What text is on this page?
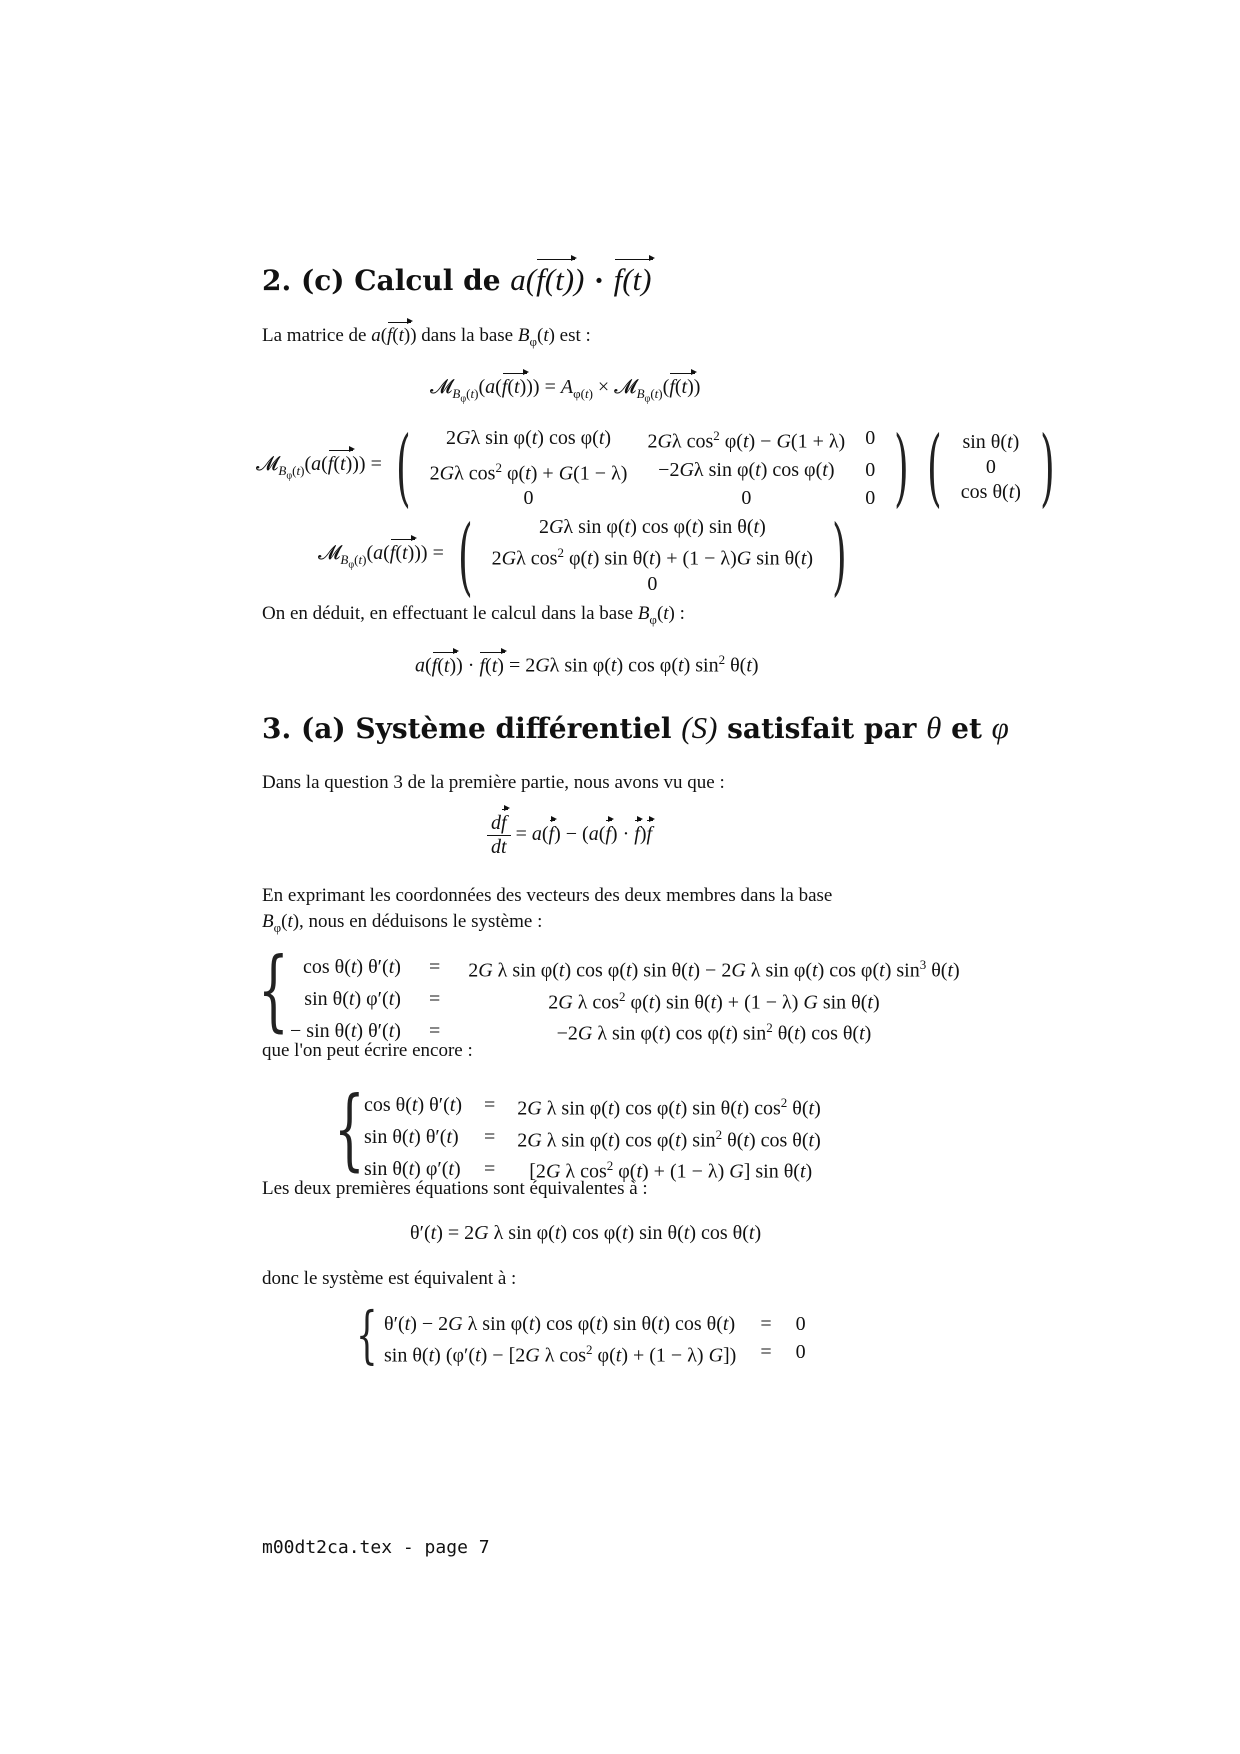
2. (c) Calcul de a(f(t)) · f(t)
La matrice de a(f(t)) dans la base $B_\varphi(t)$ est :
𝓜$_{B_\varphi(t)}$(a(f(t))) = $A_{\varphi(t)}$ × 𝓜$_{B_\varphi(t)}$(f(t))
𝓜$_{B_\varphi(t)}$(a(f(t))) = ( 2Gλ sin φ(t) cos φ(t)	2Gλ $\cos^2 \varphi(t) - G(1 + \lambda)$	0
2Gλ $\cos^2 \varphi(t) + G(1 - \lambda)$	−2Gλ sin φ(t) cos φ(t)	0
0	0	0 ) ( sin θ(t)
0
cos θ(t) )
𝓜$_{B_\varphi(t)}$(a(f(t))) = (	2Gλ sin φ(t) cos φ(t) sin θ(t)
2Gλ $\cos^2 \varphi(t)$ sin θ(t) + (1 − λ)G sin θ(t)
0 )
On en déduit, en effectuant le calcul dans la base $B_\varphi(t)$ :
a(f(t)) · f(t) = 2Gλ sin φ(t) cos φ(t) $\sin^2 \theta(t)$
3. (a) Système différentiel (S) satisfait par θ et φ
Dans la question 3 de la première partie, nous avons vu que :
$\frac{df}{dt} = a(f) - (a(f) \cdot f)f$
En exprimant les coordonnées des vecteurs des deux membres dans la base
$B_\varphi(t)$, nous en déduisons le système :
{ cos θ(t) θ′(t)	=	2G λ sin φ(t) cos φ(t) sin θ(t) − 2G λ sin φ(t) cos φ(t) $\sin^3 \theta(t)$
sin θ(t) φ′(t)	=	2G λ $\cos^2 \varphi(t)$ sin θ(t) + (1 − λ) G sin θ(t)
− sin θ(t) θ′(t)	=	−2G λ sin φ(t) cos φ(t) $\sin^2 \theta(t)$ cos θ(t)
que l'on peut écrire encore :
{ cos θ(t) θ′(t)	=	2G λ sin φ(t) cos φ(t) sin θ(t) $\cos^2 \theta(t)$
sin θ(t) θ′(t)	=	2G λ sin φ(t) cos φ(t) $\sin^2 \theta(t)$ cos θ(t)
sin θ(t) φ′(t)	=	[2G λ $\cos^2 \varphi(t) + (1 - \lambda)$ G] sin θ(t)
Les deux premières équations sont équivalentes à :
θ′(t) = 2G λ sin φ(t) cos φ(t) sin θ(t) cos θ(t)
donc le système est équivalent à :
{ θ′(t) − 2G λ sin φ(t) cos φ(t) sin θ(t) cos θ(t)	=	0
sin θ(t) (φ′(t) − [2G λ $\cos^2 \varphi(t) + (1 - \lambda)$ G])	=	0
m00dt2ca.tex - page 7
